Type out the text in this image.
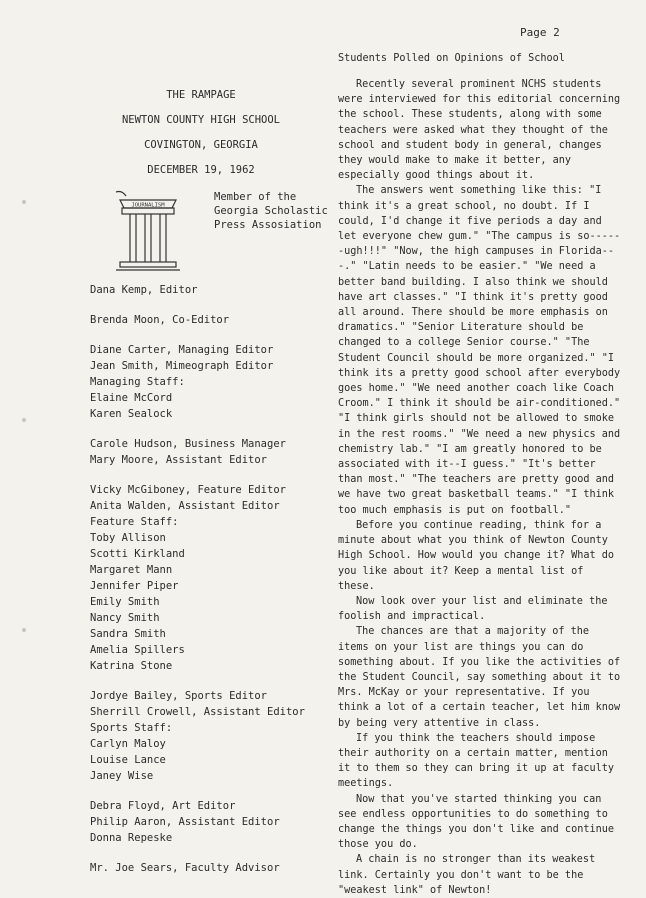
Page 2
THE RAMPAGE
NEWTON COUNTY HIGH SCHOOL
COVINGTON, GEORGIA
DECEMBER 19, 1962
JOURNALISM
Member of the
Georgia Scholastic
Press Assosiation
Dana Kemp, Editor
Brenda Moon, Co-Editor
Diane Carter, Managing Editor
Jean Smith, Mimeograph Editor
Managing Staff:
Elaine McCord
Karen Sealock
Carole Hudson, Business Manager
Mary Moore, Assistant Editor
Vicky McGiboney, Feature Editor
Anita Walden, Assistant Editor
Feature Staff:
Toby Allison
Scotti Kirkland
Margaret Mann
Jennifer Piper
Emily Smith
Nancy Smith
Sandra Smith
Amelia Spillers
Katrina Stone
Jordye Bailey, Sports Editor
Sherrill Crowell, Assistant Editor
Sports Staff:
Carlyn Maloy
Louise Lance
Janey Wise
Debra Floyd, Art Editor
Philip Aaron, Assistant Editor
Donna Repeske
Mr. Joe Sears, Faculty Advisor
Students Polled on Opinions of School

Recently several prominent NCHS students were interviewed for this editorial concerning the school. These students, along with some teachers were asked what they thought of the school and student body in general, changes they would make to make it better, any especially good things about it.

The answers went something like this: "I think it's a great school, no doubt. If I could, I'd change it five periods a day and let everyone chew gum." "The campus is so------ugh!!!" "Now, the high campuses in Florida---." "Latin needs to be easier." "We need a better band building. I also think we should have art classes." "I think it's pretty good all around. There should be more emphasis on dramatics." "Senior Literature should be changed to a college Senior course." "The Student Council should be more organized." "I think its a pretty good school after everybody goes home." "We need another coach like Coach Croom." I think it should be air-conditioned." "I think girls should not be allowed to smoke in the rest rooms." "We need a new physics and chemistry lab." "I am greatly honored to be associated with it--I guess." "It's better than most." "The teachers are pretty good and we have two great basketball teams." "I think too much emphasis is put on football."

Before you continue reading, think for a minute about what you think of Newton County High School. How would you change it? What do you like about it? Keep a mental list of these.

Now look over your list and eliminate the foolish and impractical.

The chances are that a majority of the items on your list are things you can do something about. If you like the activities of the Student Council, say something about it to Mrs. McKay or your representative. If you think a lot of a certain teacher, let him know by being very attentive in class.

If you think the teachers should impose their authority on a certain matter, mention it to them so they can bring it up at faculty meetings.

Now that you've started thinking you can see endless opportunities to do something to change the things you don't like and continue those you do.

A chain is no stronger than its weakest link. Certainly you don't want to be the "weakest link" of Newton!
